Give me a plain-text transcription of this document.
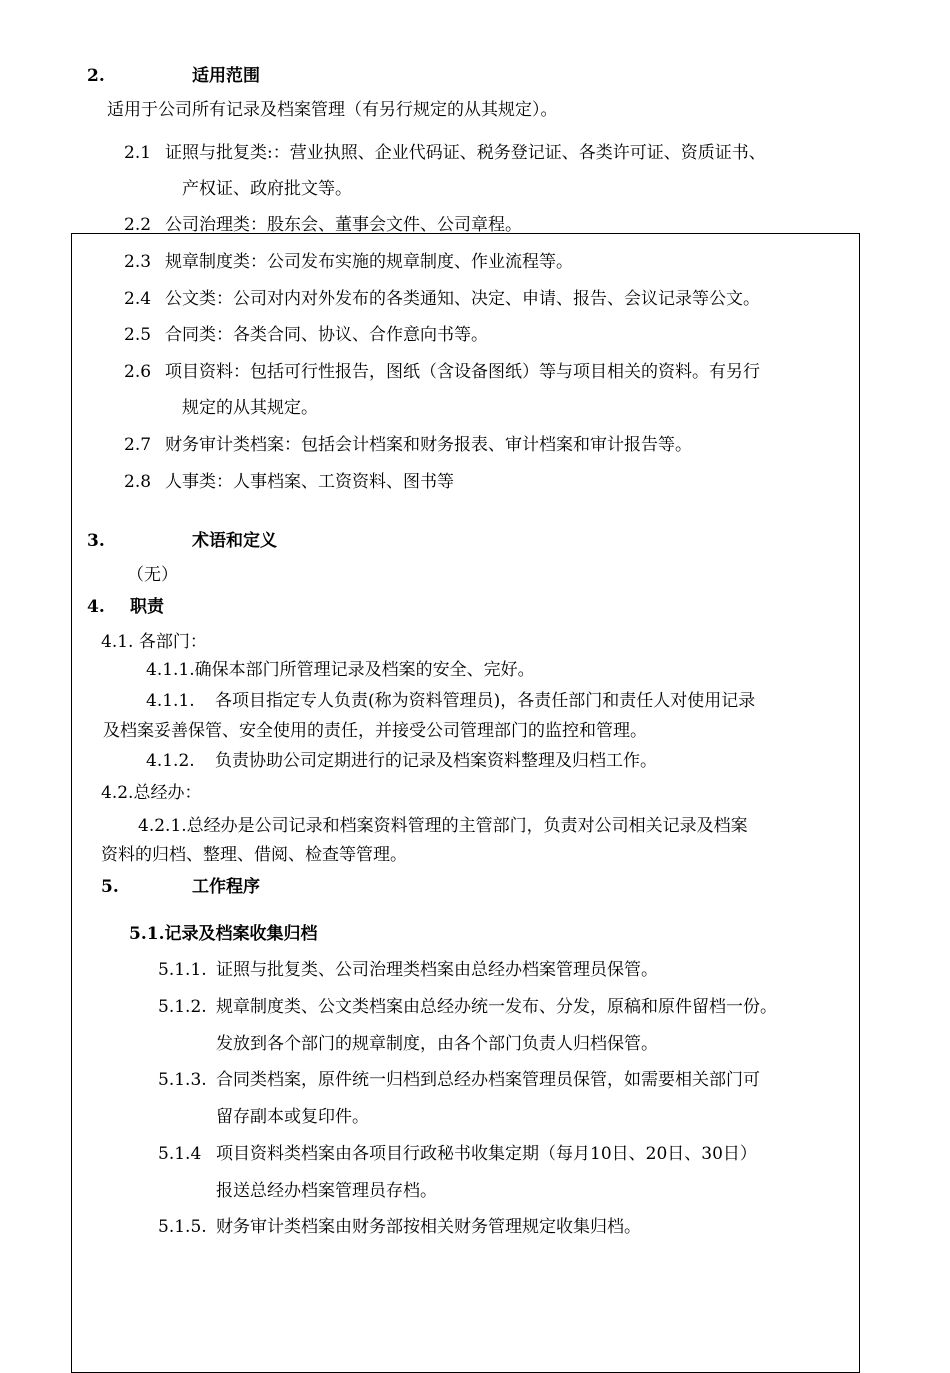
2.	适用范围
适用于公司所有记录及档案管理（有另行规定的从其规定）。
2.1 证照与批复类:：营业执照、企业代码证、税务登记证、各类许可证、资质证书、
产权证、政府批文等。
2.2 公司治理类：股东会、董事会文件、公司章程。
2.3 规章制度类：公司发布实施的规章制度、作业流程等。
2.4 公文类：公司对内对外发布的各类通知、决定、申请、报告、会议记录等公文。
2.5 合同类：各类合同、协议、合作意向书等。
2.6 项目资料：包括可行性报告，图纸（含设备图纸）等与项目相关的资料。有另行
规定的从其规定。
2.7 财务审计类档案：包括会计档案和财务报表、审计档案和审计报告等。
2.8 人事类：人事档案、工资资料、图书等
3.	术语和定义
（无）
4. 职责
4.1. 各部门：
4.1.1.确保本部门所管理记录及档案的安全、完好。
4.1.1. 各项目指定专人负责(称为资料管理员)，各责任部门和责任人对使用记录
及档案妥善保管、安全使用的责任，并接受公司管理部门的监控和管理。
4.1.2. 负责协助公司定期进行的记录及档案资料整理及归档工作。
4.2.总经办：
4.2.1.总经办是公司记录和档案资料管理的主管部门，负责对公司相关记录及档案
资料的归档、整理、借阅、检查等管理。
5.	工作程序
5.1.记录及档案收集归档
5.1.1. 证照与批复类、公司治理类档案由总经办档案管理员保管。
5.1.2. 规章制度类、公文类档案由总经办统一发布、分发，原稿和原件留档一份。
发放到各个部门的规章制度，由各个部门负责人归档保管。
5.1.3. 合同类档案，原件统一归档到总经办档案管理员保管，如需要相关部门可
留存副本或复印件。
5.1.4 项目资料类档案由各项目行政秘书收集定期（每月10日、20日、30日）
报送总经办档案管理员存档。
5.1.5. 财务审计类档案由财务部按相关财务管理规定收集归档。
